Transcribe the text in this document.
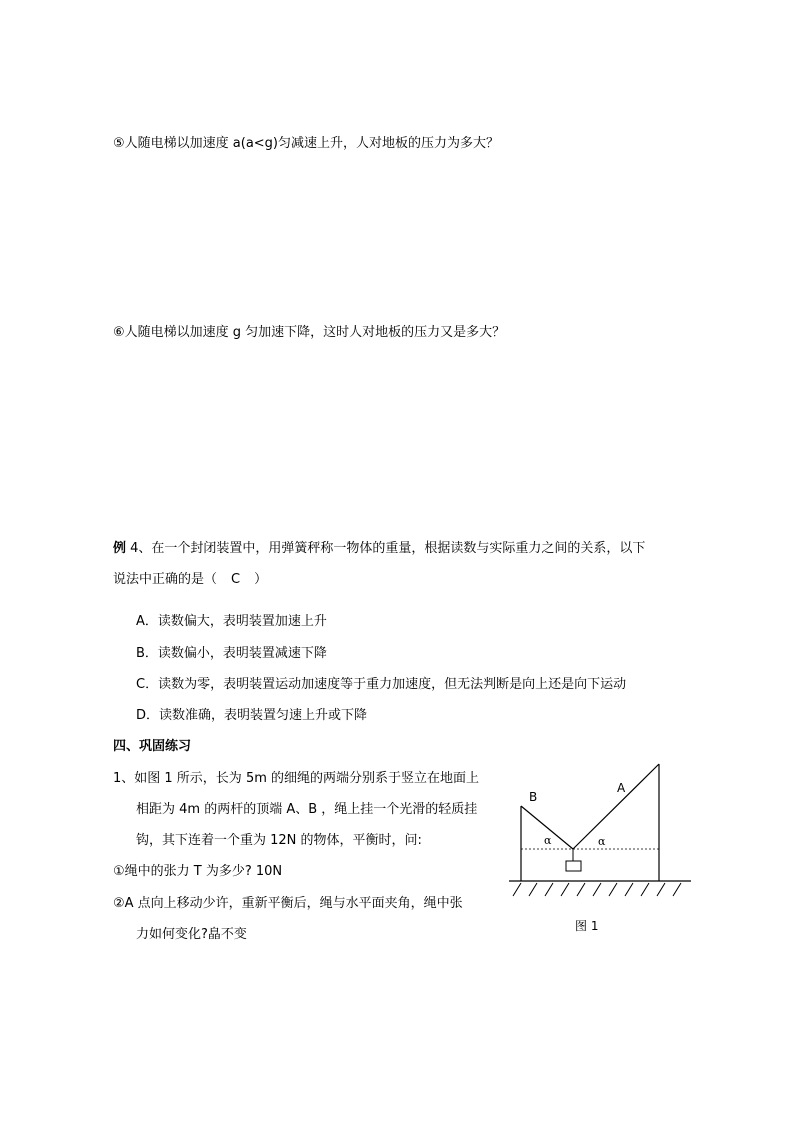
⑤人随电梯以加速度 a(a<g)匀减速上升，人对地板的压力为多大？
⑥人随电梯以加速度 g 匀加速下降，这时人对地板的压力又是多大？
例 4、在一个封闭装置中，用弹簧秤称一物体的重量，根据读数与实际重力之间的关系，以下
说法中正确的是（ C ）
A．读数偏大，表明装置加速上升
B．读数偏小，表明装置减速下降
C．读数为零，表明装置运动加速度等于重力加速度，但无法判断是向上还是向下运动
D．读数准确，表明装置匀速上升或下降
四、巩固练习
1、如图 1 所示，长为 5m 的细绳的两端分别系于竖立在地面上
相距为 4m 的两杆的顶端 A、B ，绳上挂一个光滑的轻质挂
钩，其下连着一个重为 12N 的物体，平衡时，问:
①绳中的张力 T 为多少? 10N
②A 点向上移动少许，重新平衡后，绳与水平面夹角，绳中张
力如何变化?皛不变
B
A
α	α
图 1
